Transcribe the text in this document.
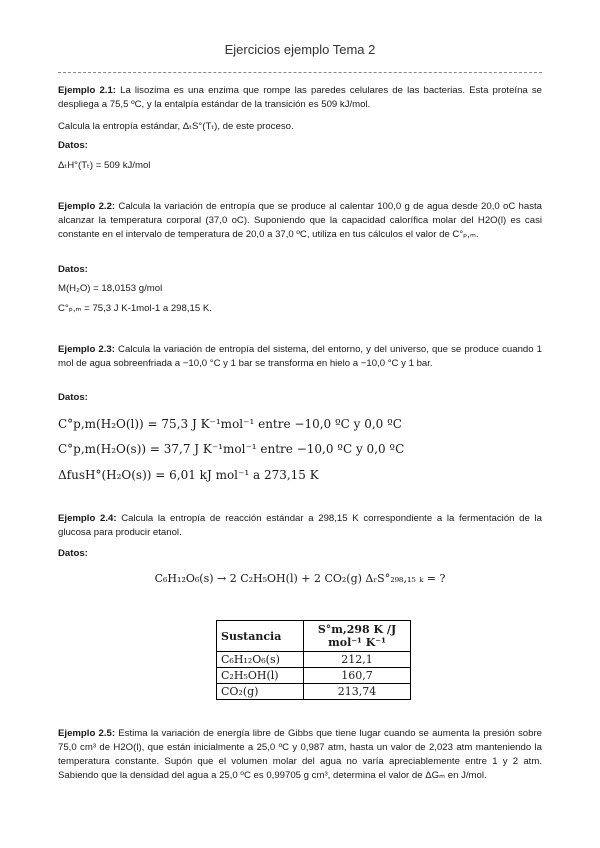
Ejercicios ejemplo Tema 2
Ejemplo 2.1: La lisozima es una enzima que rompe las paredes celulares de las bacterias. Esta proteína se despliega a 75,5 ºC, y la entalpía estándar de la transición es 509 kJ/mol.
Calcula la entropía estándar, ΔₜS°(Tₜ), de este proceso.
Datos:
ΔₜH°(Tₜ) = 509 kJ/mol
Ejemplo 2.2: Calcula la variación de entropía que se produce al calentar 100,0 g de agua desde 20,0 oC hasta alcanzar la temperatura corporal (37,0 oC). Suponiendo que la capacidad calorífica molar del H2O(l) es casi constante en el intervalo de temperatura de 20,0 a 37,0 ºC, utiliza en tus cálculos el valor de C°ₚ,ₘ.
Datos:
M(H₂O) = 18,0153 g/mol
C°ₚ,ₘ = 75,3 J K-1mol-1 a 298,15 K.
Ejemplo 2.3: Calcula la variación de entropía del sistema, del entorno, y del universo, que se produce cuando 1 mol de agua sobreenfriada a −10,0 °C y 1 bar se transforma en hielo a −10,0 °C y 1 bar.
Datos:
C°p,m(H₂O(l)) = 75,3 J K⁻¹mol⁻¹ entre −10,0 ºC y 0,0 ºC
C°p,m(H₂O(s)) = 37,7 J K⁻¹mol⁻¹ entre −10,0 ºC y 0,0 ºC
ΔfusH°(H₂O(s)) = 6,01 kJ mol⁻¹ a 273,15 K
Ejemplo 2.4: Calcula la entropía de reacción estándar a 298,15 K correspondiente a la fermentación de la glucosa para producir etanol.
Datos:
C₆H₁₂O₆(s) → 2 C₂H₅OH(l) + 2 CO₂(g) ΔᵣS°₂₉₈,₁₅ ₖ = ?
Sustancia	S°m,298 K /J mol⁻¹ K⁻¹
C₆H₁₂O₆(s)	212,1
C₂H₅OH(l)	160,7
CO₂(g)	213,74
Ejemplo 2.5: Estima la variación de energía libre de Gibbs que tiene lugar cuando se aumenta la presión sobre 75,0 cm³ de H2O(l), que están inicialmente a 25,0 ºC y 0,987 atm, hasta un valor de 2,023 atm manteniendo la temperatura constante. Supón que el volumen molar del agua no varía apreciablemente entre 1 y 2 atm. Sabiendo que la densidad del agua a 25,0 ºC es 0,99705 g cm³, determina el valor de ΔGₘ en J/mol.
